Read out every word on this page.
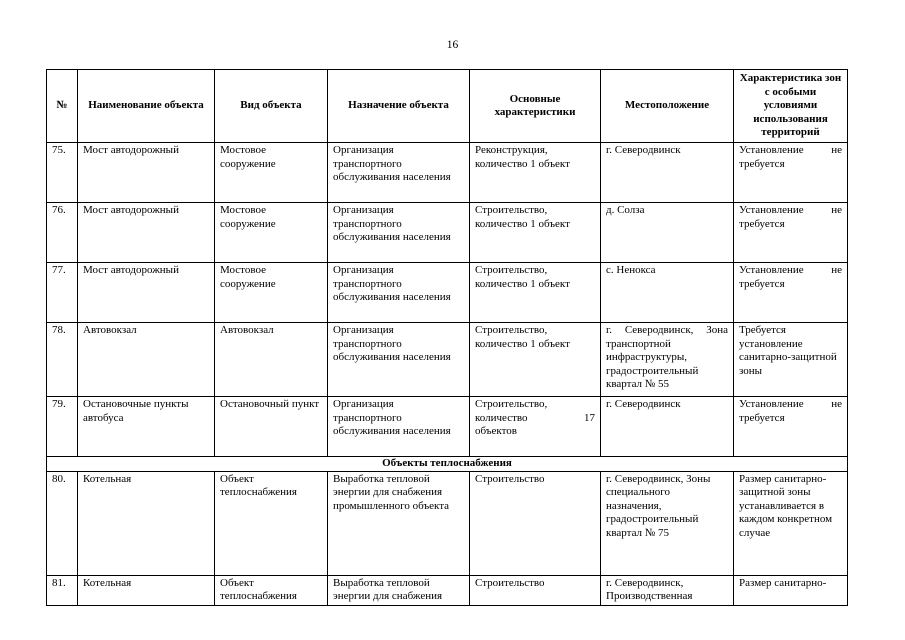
16
№	Наименование объекта	Вид объекта	Назначение объекта	Основные характеристики	Местоположение	Характеристика зон с особыми условиями использования территорий
75.	Мост автодорожный	Мостовое сооружение	Организация транспортного обслуживания населения	Реконструкция, количество 1 объект	г. Северодвинск	Установление не требуется

76.	Мост автодорожный	Мостовое сооружение	Организация транспортного обслуживания населения	Строительство, количество 1 объект	д. Солза	Установление не требуется

77.	Мост автодорожный	Мостовое сооружение	Организация транспортного обслуживания населения	Строительство, количество 1 объект	с. Ненокса	Установление не требуется

78.	Автовокзал	Автовокзал	Организация транспортного обслуживания населения	Строительство, количество 1 объект	г. Северодвинск, Зона транспортной инфраструктуры, градостроительный квартал № 55	Требуется установление санитарно-защитной зоны
79.	Остановочные пункты автобуса	Остановочный пункт	Организация транспортного обслуживания населения	Строительство,
количество 17
объектов	г. Северодвинск	Установление не требуется

Объекты теплоснабжения						
80.	Котельная	Объект теплоснабжения	Выработка тепловой энергии для снабжения промышленного объекта	Строительство	г. Северодвинск, Зоны специального назначения, градостроительный квартал № 75	Размер санитарно-защитной зоны устанавливается в каждом конкретном случае
81.	Котельная	Объект теплоснабжения	Выработка тепловой энергии для снабжения	Строительство	г. Северодвинск, Производственная	Размер санитарно-
